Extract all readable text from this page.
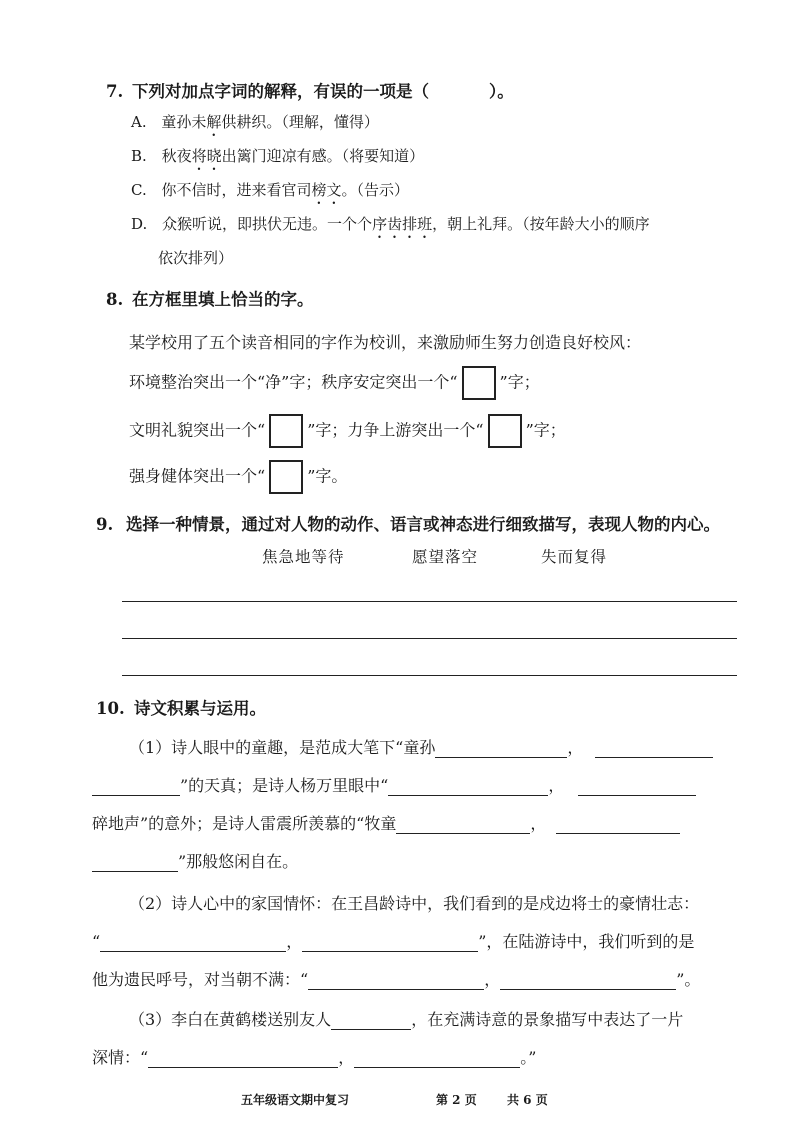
7. 下列对加点字词的解释，有误的一项是（	）。
A. 童孙未解供耕织。（理解，懂得）
B. 秋夜将晓出篱门迎凉有感。（将要知道）
C. 你不信时，进来看官司榜文。（告示）
D. 众猴听说，即拱伏无违。一个个序齿排班，朝上礼拜。（按年龄大小的顺序
依次排列）
8. 在方框里填上恰当的字。
某学校用了五个读音相同的字作为校训，来激励师生努力创造良好校风：
环境整治突出一个“净”字；秩序安定突出一个“	”字；
文明礼貌突出一个“	”字；力争上游突出一个“	”字；
强身健体突出一个“	”字。
9. 选择一种情景，通过对人物的动作、语言或神态进行细致描写，表现人物的内心。
焦急地等待	愿望落空	失而复得
10. 诗文积累与运用。
（1）诗人眼中的童趣，是范成大笔下“童孙	，
”的天真；是诗人杨万里眼中“	，
碎地声”的意外；是诗人雷震所羡慕的“牧童	，
”那般悠闲自在。
（2）诗人心中的家国情怀：在王昌龄诗中，我们看到的是戍边将士的豪情壮志：
“	，	”，在陆游诗中，我们听到的是
他为遗民呼号，对当朝不满：“	，	”。
（3）李白在黄鹤楼送别友人	，在充满诗意的景象描写中表达了一片
深情：“	，	。”
五年级语文期中复习	第 2 页	共 6 页
